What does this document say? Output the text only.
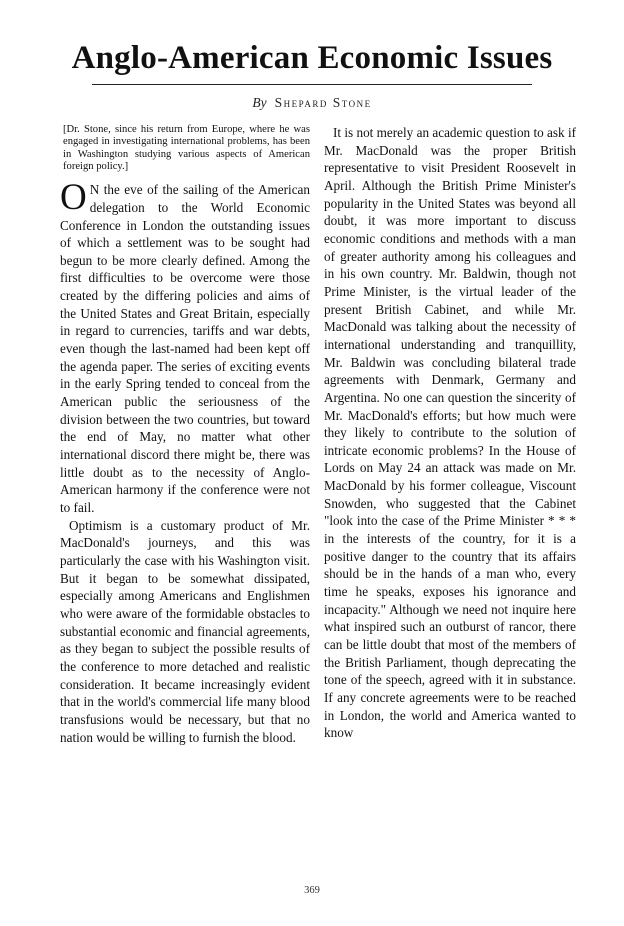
Anglo-American Economic Issues
By Shepard Stone

[Dr. Stone, since his return from Europe, where he was engaged in investigating international problems, has been in Washington studying various aspects of American foreign policy.]

O N the eve of the sailing of the American delegation to the World Economic Conference in London the outstanding issues of which a settlement was to be sought had begun to be more clearly defined. Among the first difficulties to be overcome were those created by the differing policies and aims of the United States and Great Britain, especially in regard to currencies, tariffs and war debts, even though the last-named had been kept off the agenda paper. The series of exciting events in the early Spring tended to conceal from the American public the seriousness of the division between the two countries, but toward the end of May, no matter what other international discord there might be, there was little doubt as to the necessity of Anglo-American harmony if the conference were not to fail.

Optimism is a customary product of Mr. MacDonald's journeys, and this was particularly the case with his Washington visit. But it began to be somewhat dissipated, especially among Americans and Englishmen who were aware of the formidable obstacles to substantial economic and financial agreements, as they began to subject the possible results of the conference to more detached and realistic consideration. It became increasingly evident that in the world's commercial life many blood transfusions would be necessary, but that no nation would be willing to furnish the blood.

It is not merely an academic question to ask if Mr. MacDonald was the proper British representative to visit President Roosevelt in April. Although the British Prime Minister's popularity in the United States was beyond all doubt, it was more important to discuss economic conditions and methods with a man of greater authority among his colleagues and in his own country. Mr. Baldwin, though not Prime Minister, is the virtual leader of the present British Cabinet, and while Mr. MacDonald was talking about the necessity of international understanding and tranquillity, Mr. Baldwin was concluding bilateral trade agreements with Denmark, Germany and Argentina. No one can question the sincerity of Mr. MacDonald's efforts; but how much were they likely to contribute to the solution of intricate economic problems? In the House of Lords on May 24 an attack was made on Mr. MacDonald by his former colleague, Viscount Snowden, who suggested that the Cabinet "look into the case of the Prime Minister * * * in the interests of the country, for it is a positive danger to the country that its affairs should be in the hands of a man who, every time he speaks, exposes his ignorance and incapacity." Although we need not inquire here what inspired such an outburst of rancor, there can be little doubt that most of the members of the British Parliament, though deprecating the tone of the speech, agreed with it in substance. If any concrete agreements were to be reached in London, the world and America wanted to know

369
